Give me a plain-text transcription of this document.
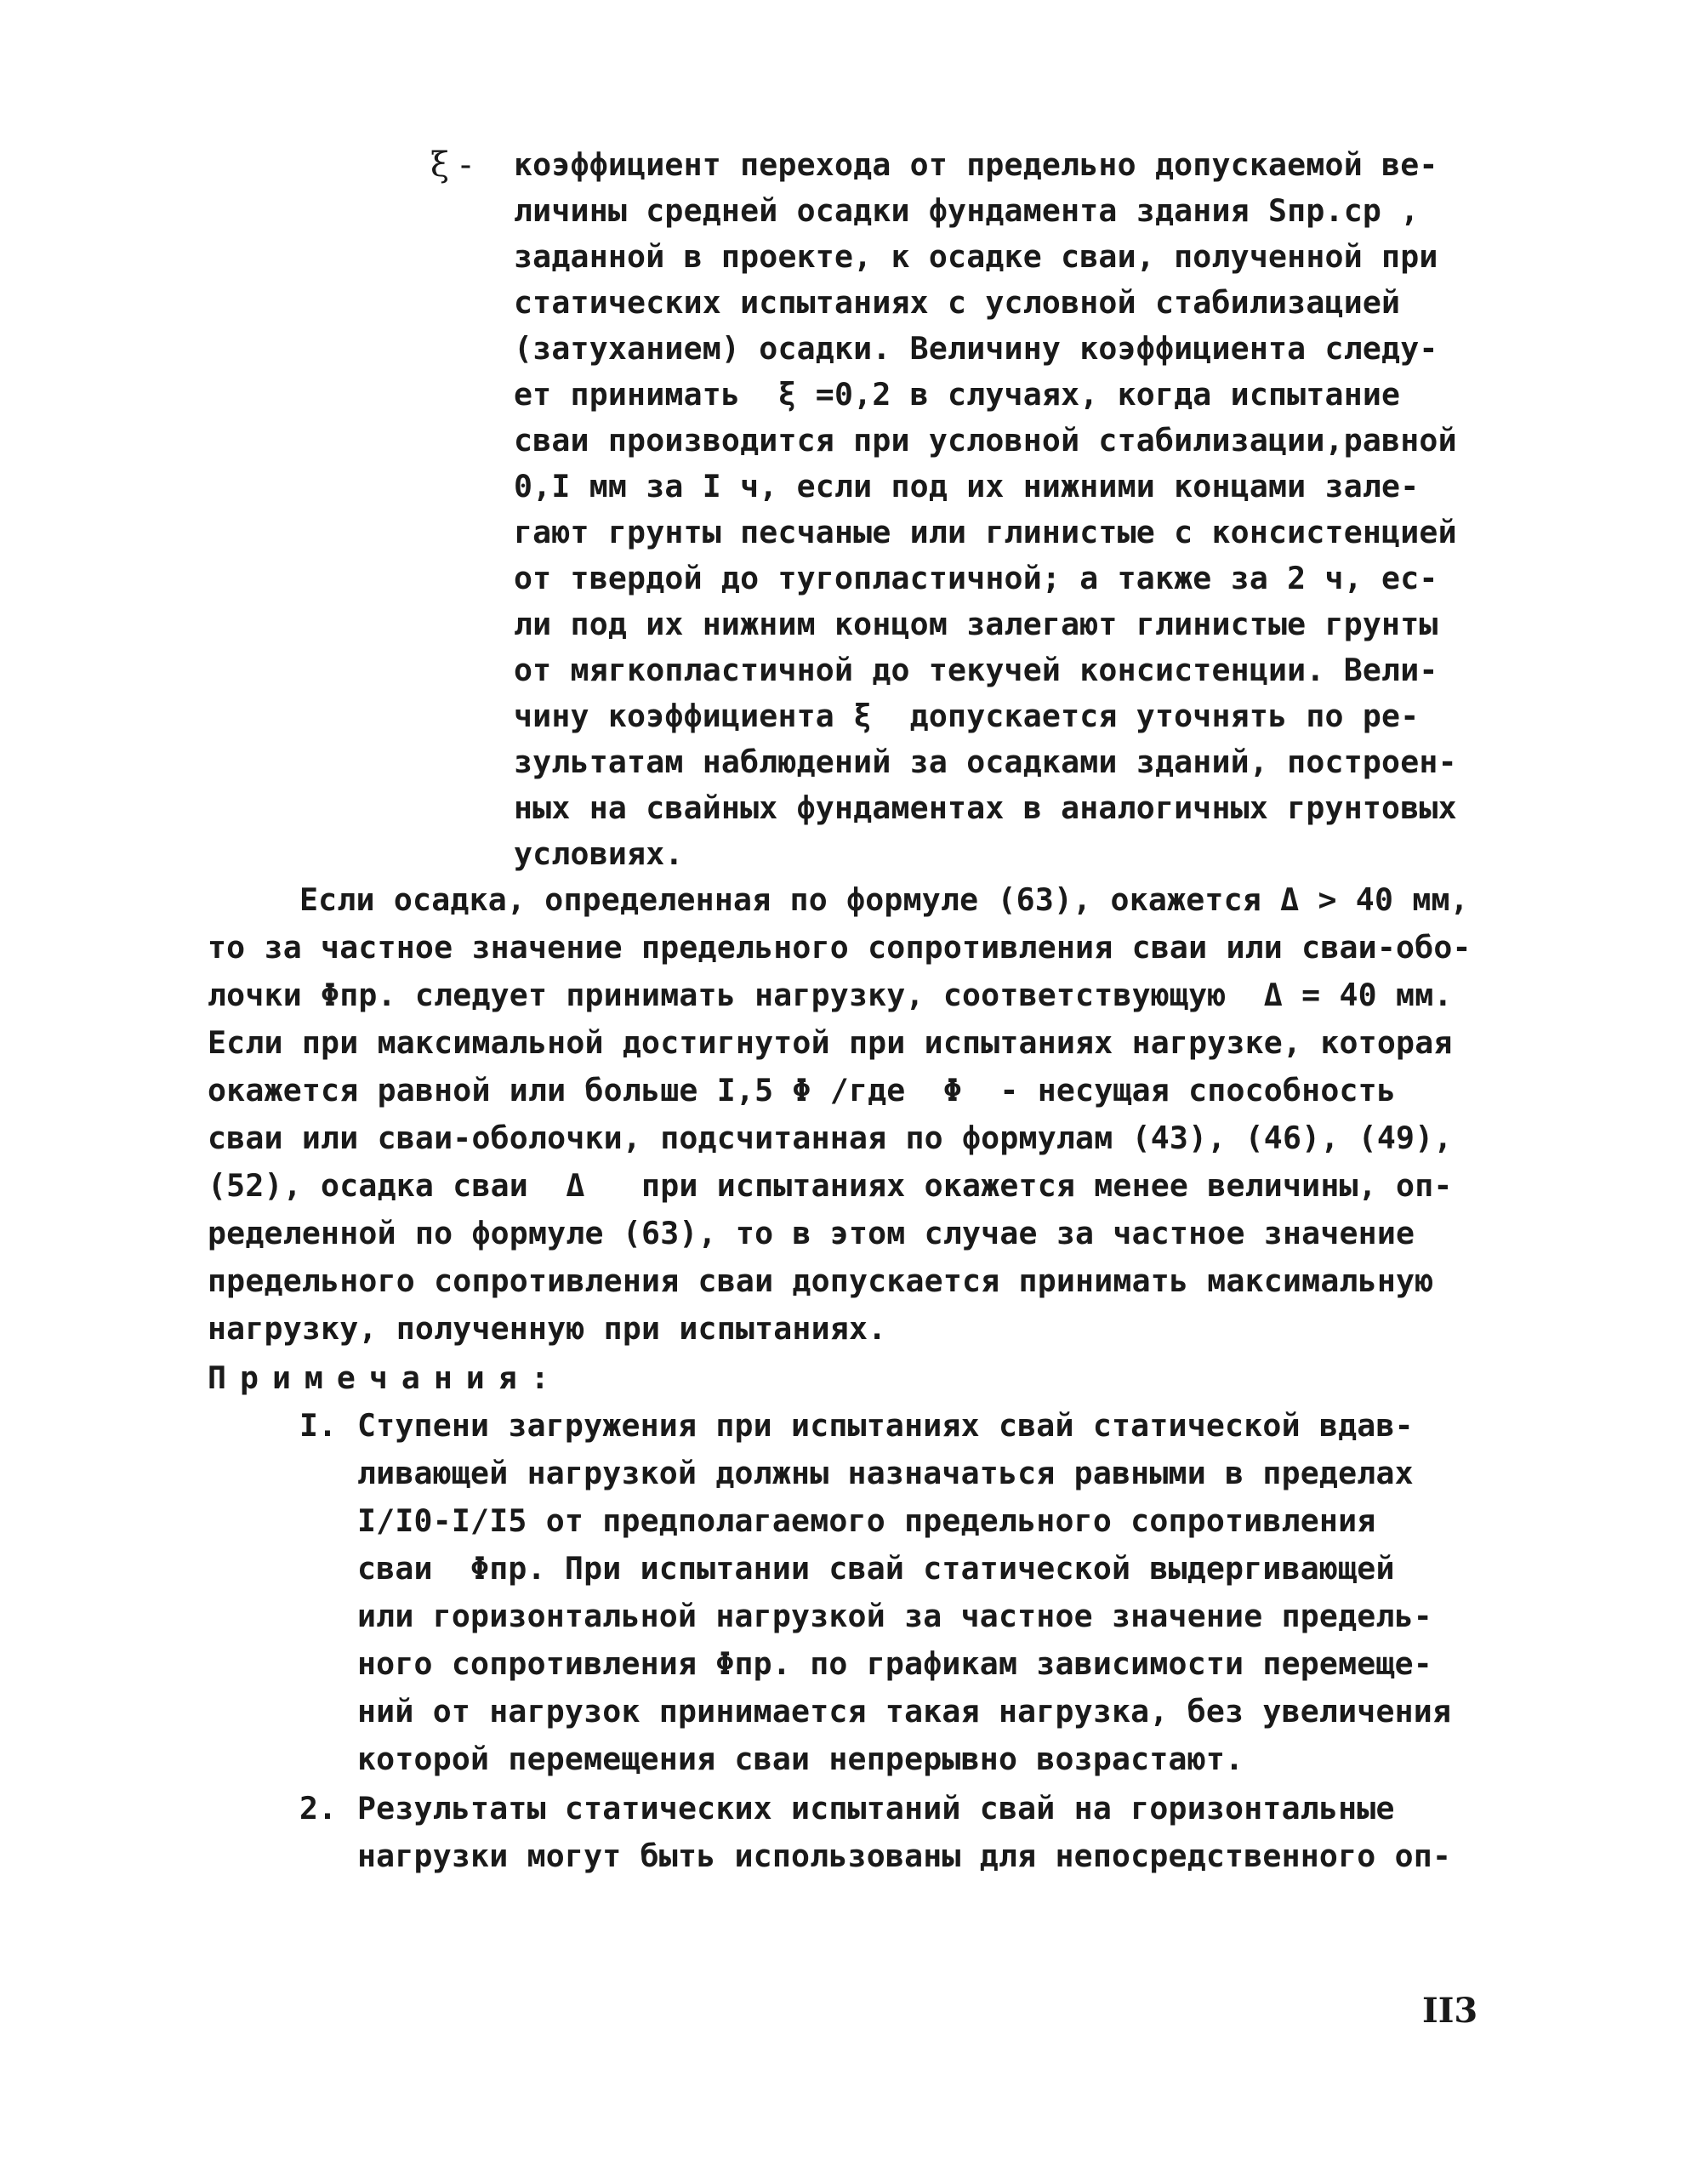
ξ - коэффициент перехода от предельно допускаемой ве-
личины средней осадки фундамента здания Sпр.ср ,
заданной в проекте, к осадке сваи, полученной при
статических испытаниях с условной стабилизацией
(затуханием) осадки. Величину коэффициента следу-
ет принимать  ξ =0,2 в случаях, когда испытание
сваи производится при условной стабилизации,равной
0,I мм за I ч, если под их нижними концами зале-
гают грунты песчаные или глинистые с консистенцией
от твердой до тугопластичной; а также за 2 ч, ес-
ли под их нижним концом залегают глинистые грунты
от мягкопластичной до текучей консистенции. Вели-
чину коэффициента ξ  допускается уточнять по ре-
зультатам наблюдений за осадками зданий, построен-
ных на свайных фундаментах в аналогичных грунтовых
условиях.
Если осадка, определенная по формуле (63), окажется Δ > 40 мм,
то за частное значение предельного сопротивления сваи или сваи-обо-
лочки Φпр. следует принимать нагрузку, соответствующую  Δ = 40 мм.
Если при максимальной достигнутой при испытаниях нагрузке, которая
окажется равной или больше I,5 Φ /где  Φ  - несущая способность
сваи или сваи-оболочки, подсчитанная по формулам (43), (46), (49),
(52), осадка сваи  Δ   при испытаниях окажется менее величины, оп-
ределенной по формуле (63), то в этом случае за частное значение
предельного сопротивления сваи допускается принимать максимальную
нагрузку, полученную при испытаниях.
Примечания:
I. Ступени загружения при испытаниях свай статической вдав-
ливающей нагрузкой должны назначаться равными в пределах
I/I0-I/I5 от предполагаемого предельного сопротивления
сваи  Φпр. При испытании свай статической выдергивающей
или горизонтальной нагрузкой за частное значение предель-
ного сопротивления Φпр. по графикам зависимости перемеще-
ний от нагрузок принимается такая нагрузка, без увеличения
которой перемещения сваи непрерывно возрастают.
2. Результаты статических испытаний свай на горизонтальные
нагрузки могут быть использованы для непосредственного оп-
II3
